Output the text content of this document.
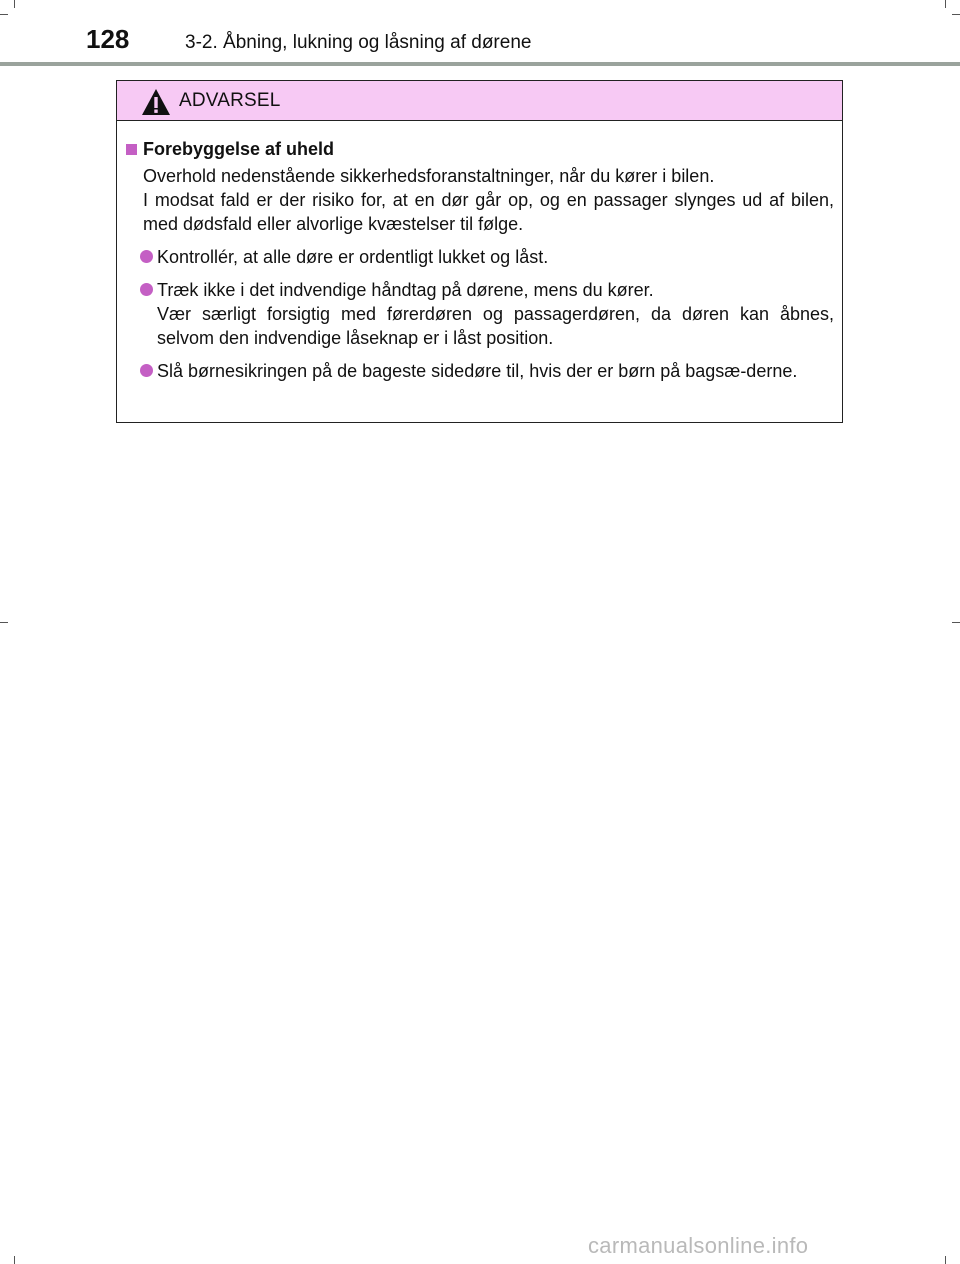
128	3-2. Åbning, lukning og låsning af dørene
ADVARSEL
Forebyggelse af uheld
Overhold nedenstående sikkerhedsforanstaltninger, når du kører i bilen.
I modsat fald er der risiko for, at en dør går op, og en passager slynges ud af bilen, med dødsfald eller alvorlige kvæstelser til følge.

Kontrollér, at alle døre er ordentligt lukket og låst.

Træk ikke i det indvendige håndtag på dørene, mens du kører.

Vær særligt forsigtig med førerdøren og passagerdøren, da døren kan åbnes, selvom den indvendige låseknap er i låst position.

Slå børnesikringen på de bageste sidedøre til, hvis der er børn på bagsæ-derne.

carmanualsonline.info
